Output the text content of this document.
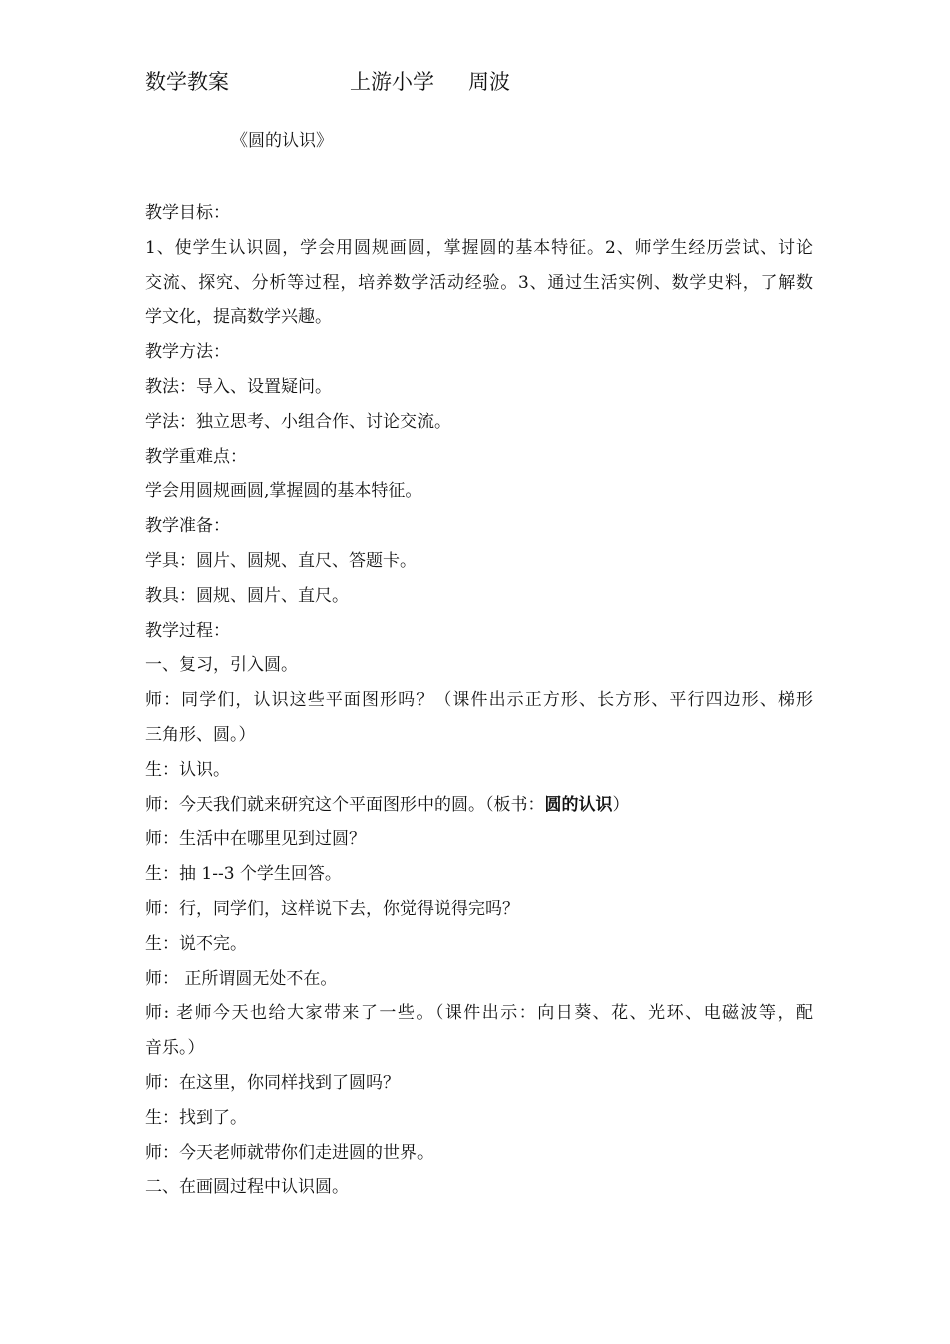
数学教案

	上游小学

周波

《圆的认识》
教学目标：
1、使学生认识圆，学会用圆规画圆，掌握圆的基本特征。2、师学生经历尝试、讨论
交流、探究、分析等过程，培养数学活动经验。3、通过生活实例、数学史料，了解数
学文化，提高数学兴趣。
教学方法：
教法：导入、设置疑问。
学法：独立思考、小组合作、讨论交流。
教学重难点：
学会用圆规画圆,掌握圆的基本特征。
教学准备：
学具：圆片、圆规、直尺、答题卡。
教具：圆规、圆片、直尺。
教学过程：
一、复习，引入圆。
师：同学们，认识这些平面图形吗？（课件出示正方形、长方形、平行四边形、梯形
三角形、圆。）
生：认识。
师：今天我们就来研究这个平面图形中的圆。（板书：圆的认识）
师：生活中在哪里见到过圆？
生：抽 1--3 个学生回答。
师：行，同学们，这样说下去，你觉得说得完吗？
生：说不完。
师： 正所谓圆无处不在。
师: 老师今天也给大家带来了一些。（课件出示：向日葵、花、光环、电磁波等，配
音乐。）
师：在这里，你同样找到了圆吗？
生：找到了。
师：今天老师就带你们走进圆的世界。
二、在画圆过程中认识圆。
